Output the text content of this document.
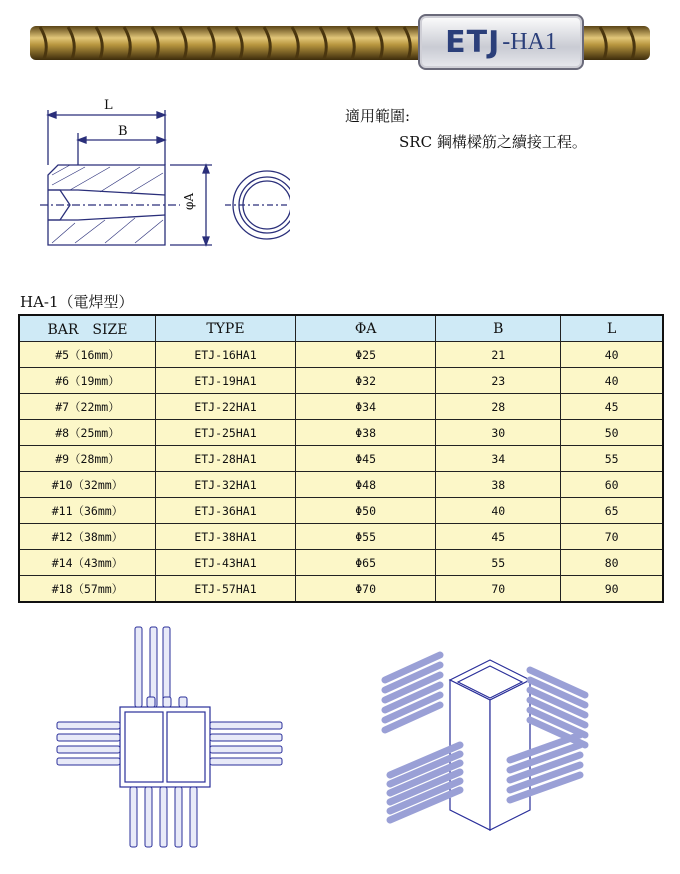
ETJ -HA1
L
B
φA
適用範圍:
SRC 鋼構樑筋之續接工程。
HA-1（電焊型）
BAR　SIZE	TYPE	ΦA	B	L
#5（16mm）	ETJ-16HA1	Φ25	21	40
#6（19mm）	ETJ-19HA1	Φ32	23	40
#7（22mm）	ETJ-22HA1	Φ34	28	45
#8（25mm）	ETJ-25HA1	Φ38	30	50
#9（28mm）	ETJ-28HA1	Φ45	34	55
#10（32mm）	ETJ-32HA1	Φ48	38	60
#11（36mm）	ETJ-36HA1	Φ50	40	65
#12（38mm）	ETJ-38HA1	Φ55	45	70
#14（43mm）	ETJ-43HA1	Φ65	55	80
#18（57mm）	ETJ-57HA1	Φ70	70	90
